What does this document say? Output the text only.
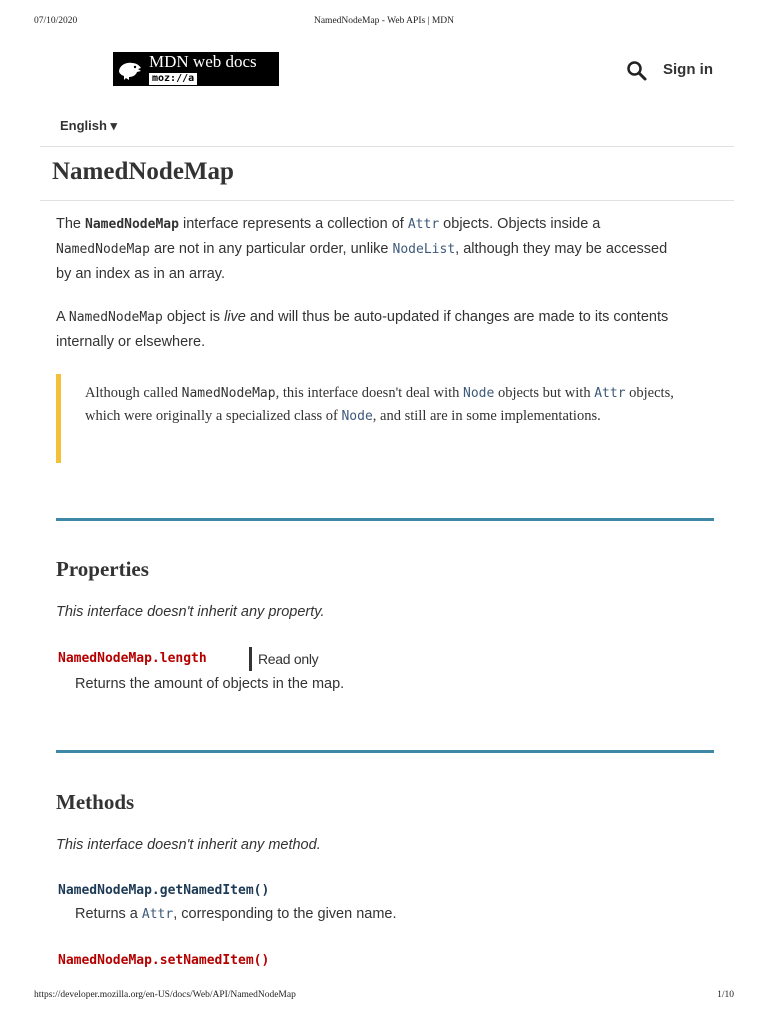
07/10/2020	NamedNodeMap - Web APIs | MDN
MDN web docs
moz://a
Sign in
English ▾
NamedNodeMap

The NamedNodeMap interface represents a collection of Attr objects. Objects inside a NamedNodeMap are not in any particular order, unlike NodeList, although they may be accessed by an index as in an array.

A NamedNodeMap object is live and will thus be auto-updated if changes are made to its contents internally or elsewhere.

Although called NamedNodeMap, this interface doesn't deal with Node objects but with Attr objects, which were originally a specialized class of Node, and still are in some implementations.

Properties

This interface doesn't inherit any property.

NamedNodeMap.length	Read only

Returns the amount of objects in the map.

Methods

This interface doesn't inherit any method.

NamedNodeMap.getNamedItem()

Returns a Attr, corresponding to the given name.

NamedNodeMap.setNamedItem()
https://developer.mozilla.org/en-US/docs/Web/API/NamedNodeMap	1/10
